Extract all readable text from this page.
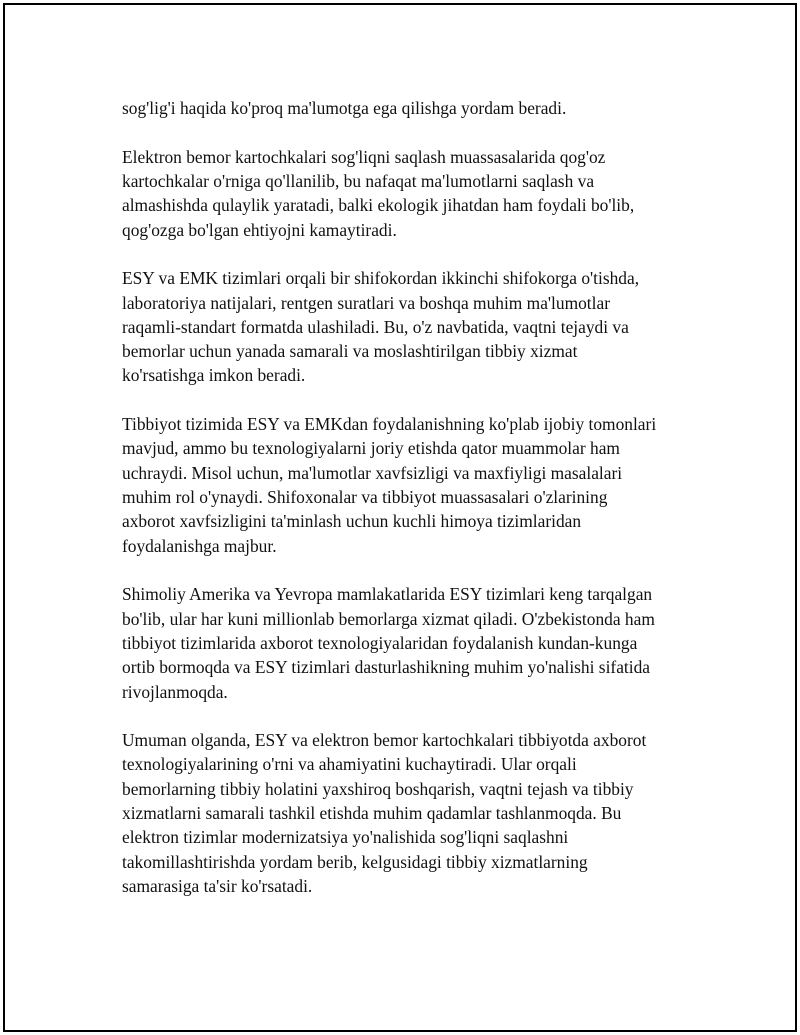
sog'lig'i haqida ko'proq ma'lumotga ega qilishga yordam beradi.

Elektron bemor kartochkalari sog'liqni saqlash muassasalarida qog'oz
kartochkalar o'rniga qo'llanilib, bu nafaqat ma'lumotlarni saqlash va
almashishda qulaylik yaratadi, balki ekologik jihatdan ham foydali bo'lib,
qog'ozga bo'lgan ehtiyojni kamaytiradi.

ESY va EMK tizimlari orqali bir shifokordan ikkinchi shifokorga o'tishda,
laboratoriya natijalari, rentgen suratlari va boshqa muhim ma'lumotlar
raqamli-standart formatda ulashiladi. Bu, o'z navbatida, vaqtni tejaydi va
bemorlar uchun yanada samarali va moslashtirilgan tibbiy xizmat
ko'rsatishga imkon beradi.

Tibbiyot tizimida ESY va EMKdan foydalanishning ko'plab ijobiy tomonlari
mavjud, ammo bu texnologiyalarni joriy etishda qator muammolar ham
uchraydi. Misol uchun, ma'lumotlar xavfsizligi va maxfiyligi masalalari
muhim rol o'ynaydi. Shifoxonalar va tibbiyot muassasalari o'zlarining
axborot xavfsizligini ta'minlash uchun kuchli himoya tizimlaridan
foydalanishga majbur.

Shimoliy Amerika va Yevropa mamlakatlarida ESY tizimlari keng tarqalgan
bo'lib, ular har kuni millionlab bemorlarga xizmat qiladi. O'zbekistonda ham
tibbiyot tizimlarida axborot texnologiyalaridan foydalanish kundan-kunga
ortib bormoqda va ESY tizimlari dasturlashikning muhim yo'nalishi sifatida
rivojlanmoqda.

Umuman olganda, ESY va elektron bemor kartochkalari tibbiyotda axborot
texnologiyalarining o'rni va ahamiyatini kuchaytiradi. Ular orqali
bemorlarning tibbiy holatini yaxshiroq boshqarish, vaqtni tejash va tibbiy
xizmatlarni samarali tashkil etishda muhim qadamlar tashlanmoqda. Bu
elektron tizimlar modernizatsiya yo'nalishida sog'liqni saqlashni
takomillashtirishda yordam berib, kelgusidagi tibbiy xizmatlarning
samarasiga ta'sir ko'rsatadi.
